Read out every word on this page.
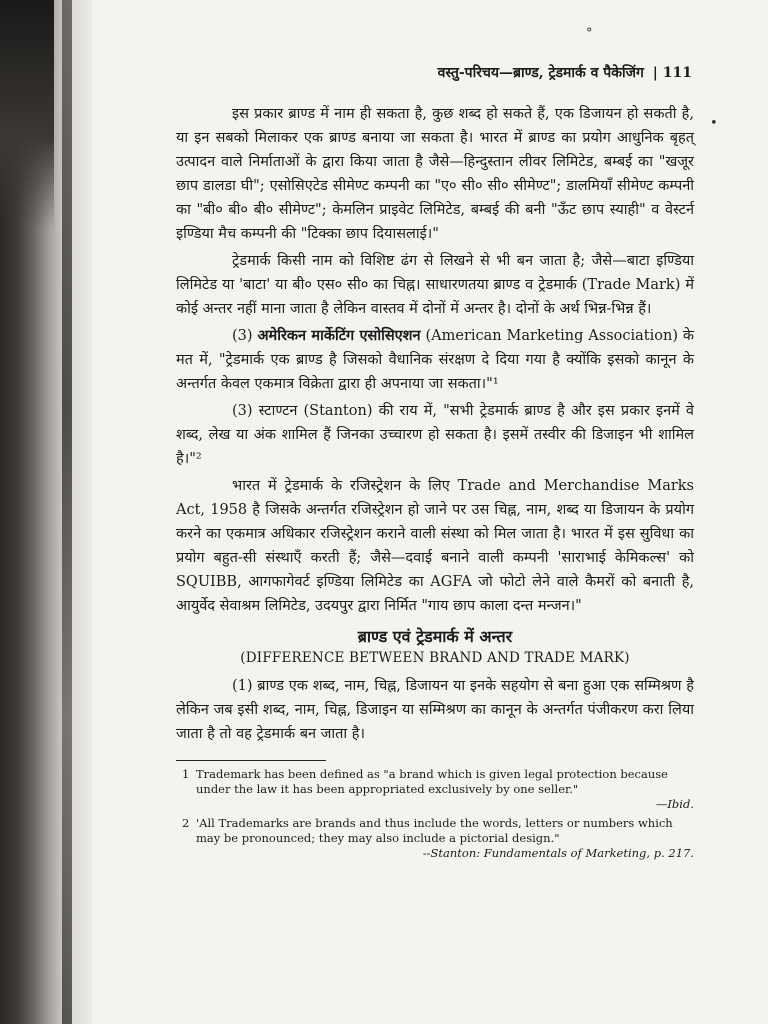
°
•
वस्तु-परिचय—ब्राण्ड, ट्रेडमार्क व पैकेजिंग | 111

इस प्रकार ब्राण्ड में नाम ही सकता है, कुछ शब्द हो सकते हैं, एक डिजायन हो सकती है, या इन सबको मिलाकर एक ब्राण्ड बनाया जा सकता है। भारत में ब्राण्ड का प्रयोग आधुनिक बृहत् उत्पादन वाले निर्माताओं के द्वारा किया जाता है जैसे—हिन्दुस्तान लीवर लिमिटेड, बम्बई का "खजूर छाप डालडा घी"; एसोसिएटेड सीमेण्ट कम्पनी का "ए० सी० सी० सीमेण्ट"; डालमियाँ सीमेण्ट कम्पनी का "बी० बी० बी० सीमेण्ट"; केमलिन प्राइवेट लिमिटेड, बम्बई की बनी "ऊँट छाप स्याही" व वेस्टर्न इण्डिया मैच कम्पनी की "टिक्का छाप दियासलाई।"

ट्रेडमार्क किसी नाम को विशिष्ट ढंग से लिखने से भी बन जाता है; जैसे—बाटा इण्डिया लिमिटेड या 'बाटा' या बी० एस० सी० का चिह्न। साधारणतया ब्राण्ड व ट्रेडमार्क (Trade Mark) में कोई अन्तर नहीं माना जाता है लेकिन वास्तव में दोनों में अन्तर है। दोनों के अर्थ भिन्न-भिन्न हैं।

(3) अमेरिकन मार्केटिंग एसोसिएशन (American Marketing Association) के मत में, "ट्रेडमार्क एक ब्राण्ड है जिसको वैधानिक संरक्षण दे दिया गया है क्योंकि इसको कानून के अन्तर्गत केवल एकमात्र विक्रेता द्वारा ही अपनाया जा सकता।"¹

(3) स्टाण्टन (Stanton) की राय में, "सभी ट्रेडमार्क ब्राण्ड है और इस प्रकार इनमें वे शब्द, लेख या अंक शामिल हैं जिनका उच्चारण हो सकता है। इसमें तस्वीर की डिजाइन भी शामिल है।"²

भारत में ट्रेडमार्क के रजिस्ट्रेशन के लिए Trade and Merchandise Marks Act, 1958 है जिसके अन्तर्गत रजिस्ट्रेशन हो जाने पर उस चिह्न, नाम, शब्द या डिजायन के प्रयोग करने का एकमात्र अधिकार रजिस्ट्रेशन कराने वाली संस्था को मिल जाता है। भारत में इस सुविधा का प्रयोग बहुत-सी संस्थाएँ करती हैं; जैसे—दवाई बनाने वाली कम्पनी 'साराभाई केमिकल्स' को SQUIBB, आगफागेवर्ट इण्डिया लिमिटेड का AGFA जो फोटो लेने वाले कैमरों को बनाती है, आयुर्वेद सेवाश्रम लिमिटेड, उदयपुर द्वारा निर्मित "गाय छाप काला दन्त मन्जन।"

ब्राण्ड एवं ट्रेडमार्क में अन्तर
(DIFFERENCE BETWEEN BRAND AND TRADE MARK)

(1) ब्राण्ड एक शब्द, नाम, चिह्न, डिजायन या इनके सहयोग से बना हुआ एक सम्मिश्रण है लेकिन जब इसी शब्द, नाम, चिह्न, डिजाइन या सम्मिश्रण का कानून के अन्तर्गत पंजीकरण करा लिया जाता है तो वह ट्रेडमार्क बन जाता है।

1 Trademark has been defined as "a brand which is given legal protection because under the law it has been appropriated exclusively by one seller."
—Ibid.
2 'All Trademarks are brands and thus include the words, letters or numbers which may be pronounced; they may also include a pictorial design."
--Stanton: Fundamentals of Marketing, p. 217.
